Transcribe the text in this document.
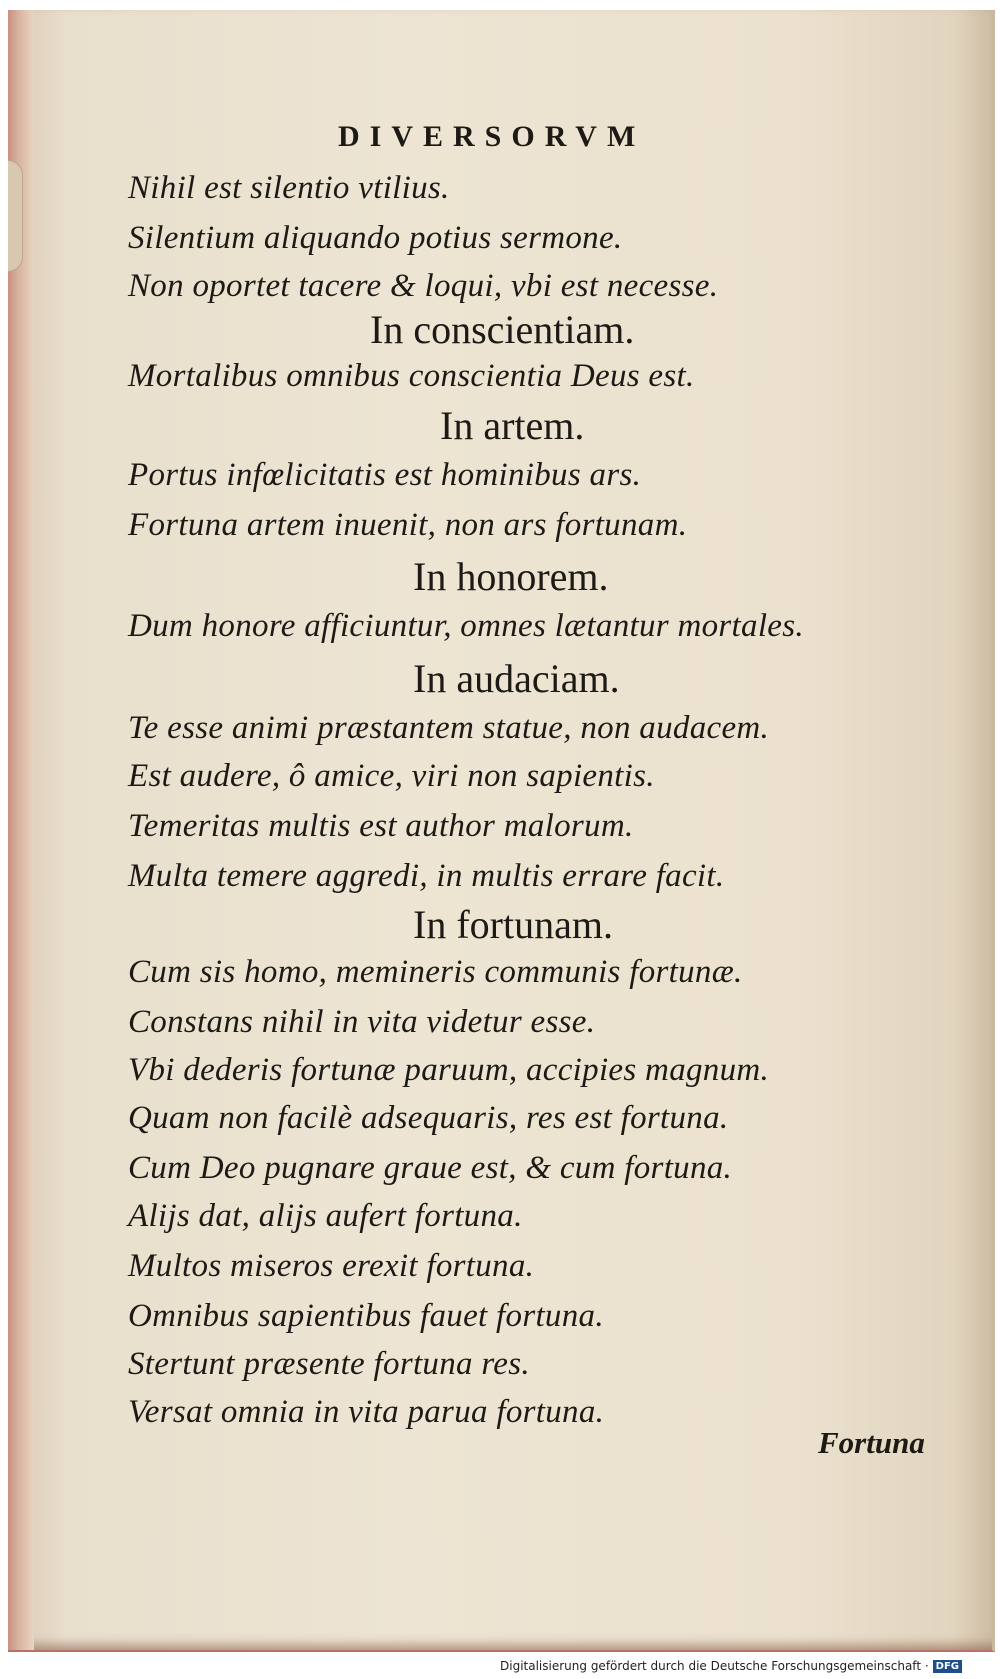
DIVERSORVM
Nihil est silentio vtilius.
Silentium aliquando potius sermone.
Non oportet tacere & loqui, vbi est necesse.
In conscientiam.
Mortalibus omnibus conscientia Deus est.
In artem.
Portus infœlicitatis est hominibus ars.
Fortuna artem inuenit, non ars fortunam.
In honorem.
Dum honore afficiuntur, omnes lætantur mortales.
In audaciam.
Te esse animi præstantem statue, non audacem.
Est audere, ô amice, viri non sapientis.
Temeritas multis est author malorum.
Multa temere aggredi, in multis errare facit.
In fortunam.
Cum sis homo, memineris communis fortunæ.
Constans nihil in vita videtur esse.
Vbi dederis fortunæ paruum, accipies magnum.
Quam non facilè adsequaris, res est fortuna.
Cum Deo pugnare graue est, & cum fortuna.
Alijs dat, alijs aufert fortuna.
Multos miseros erexit fortuna.
Omnibus sapientibus fauet fortuna.
Stertunt præsente fortuna res.
Versat omnia in vita parua fortuna.
Fortuna
Digitalisierung gefördert durch die Deutsche Forschungsgemeinschaft · DFG
